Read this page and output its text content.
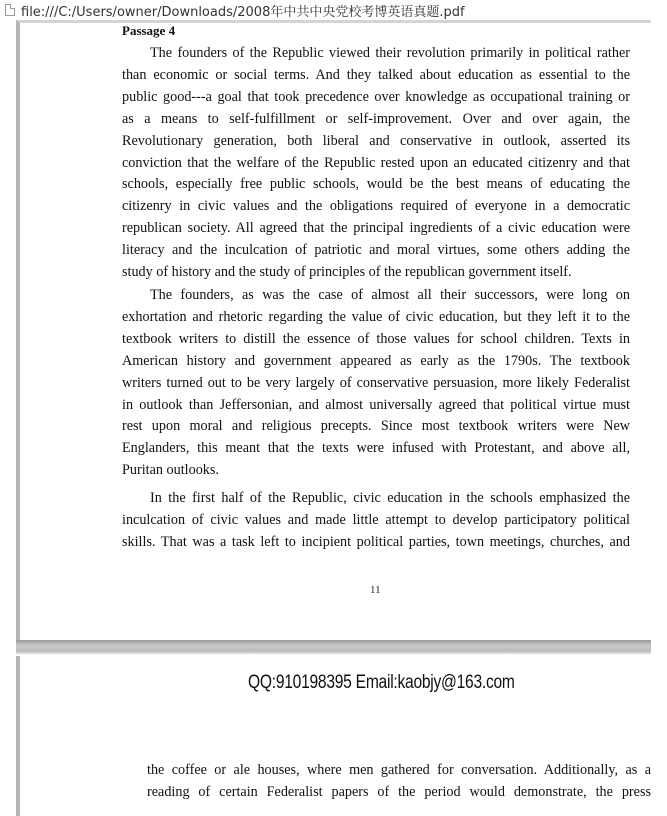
file:///C:/Users/owner/Downloads/2008年中共中央党校考博英语真题.pdf
Passage 4
The founders of the Republic viewed their revolution primarily in political rather
than economic or social terms. And they talked about education as essential to the
public good---a goal that took precedence over knowledge as occupational training or
as a means to self-fulfillment or self-improvement. Over and over again, the
Revolutionary generation, both liberal and conservative in outlook, asserted its
conviction that the welfare of the Republic rested upon an educated citizenry and that
schools, especially free public schools, would be the best means of educating the
citizenry in civic values and the obligations required of everyone in a democratic
republican society. All agreed that the principal ingredients of a civic education were
literacy and the inculcation of patriotic and moral virtues, some others adding the
study of history and the study of principles of the republican government itself.
The founders, as was the case of almost all their successors, were long on
exhortation and rhetoric regarding the value of civic education, but they left it to the
textbook writers to distill the essence of those values for school children. Texts in
American history and government appeared as early as the 1790s. The textbook
writers turned out to be very largely of conservative persuasion, more likely Federalist
in outlook than Jeffersonian, and almost universally agreed that political virtue must
rest upon moral and religious precepts. Since most textbook writers were New
Englanders, this meant that the texts were infused with Protestant, and above all,
Puritan outlooks.
In the first half of the Republic, civic education in the schools emphasized the
inculcation of civic values and made little attempt to develop participatory political
skills. That was a task left to incipient political parties, town meetings, churches, and
11
QQ:910198395 Email:kaobjy@163.com
the coffee or ale houses, where men gathered for conversation. Additionally, as a
reading of certain Federalist papers of the period would demonstrate, the press
